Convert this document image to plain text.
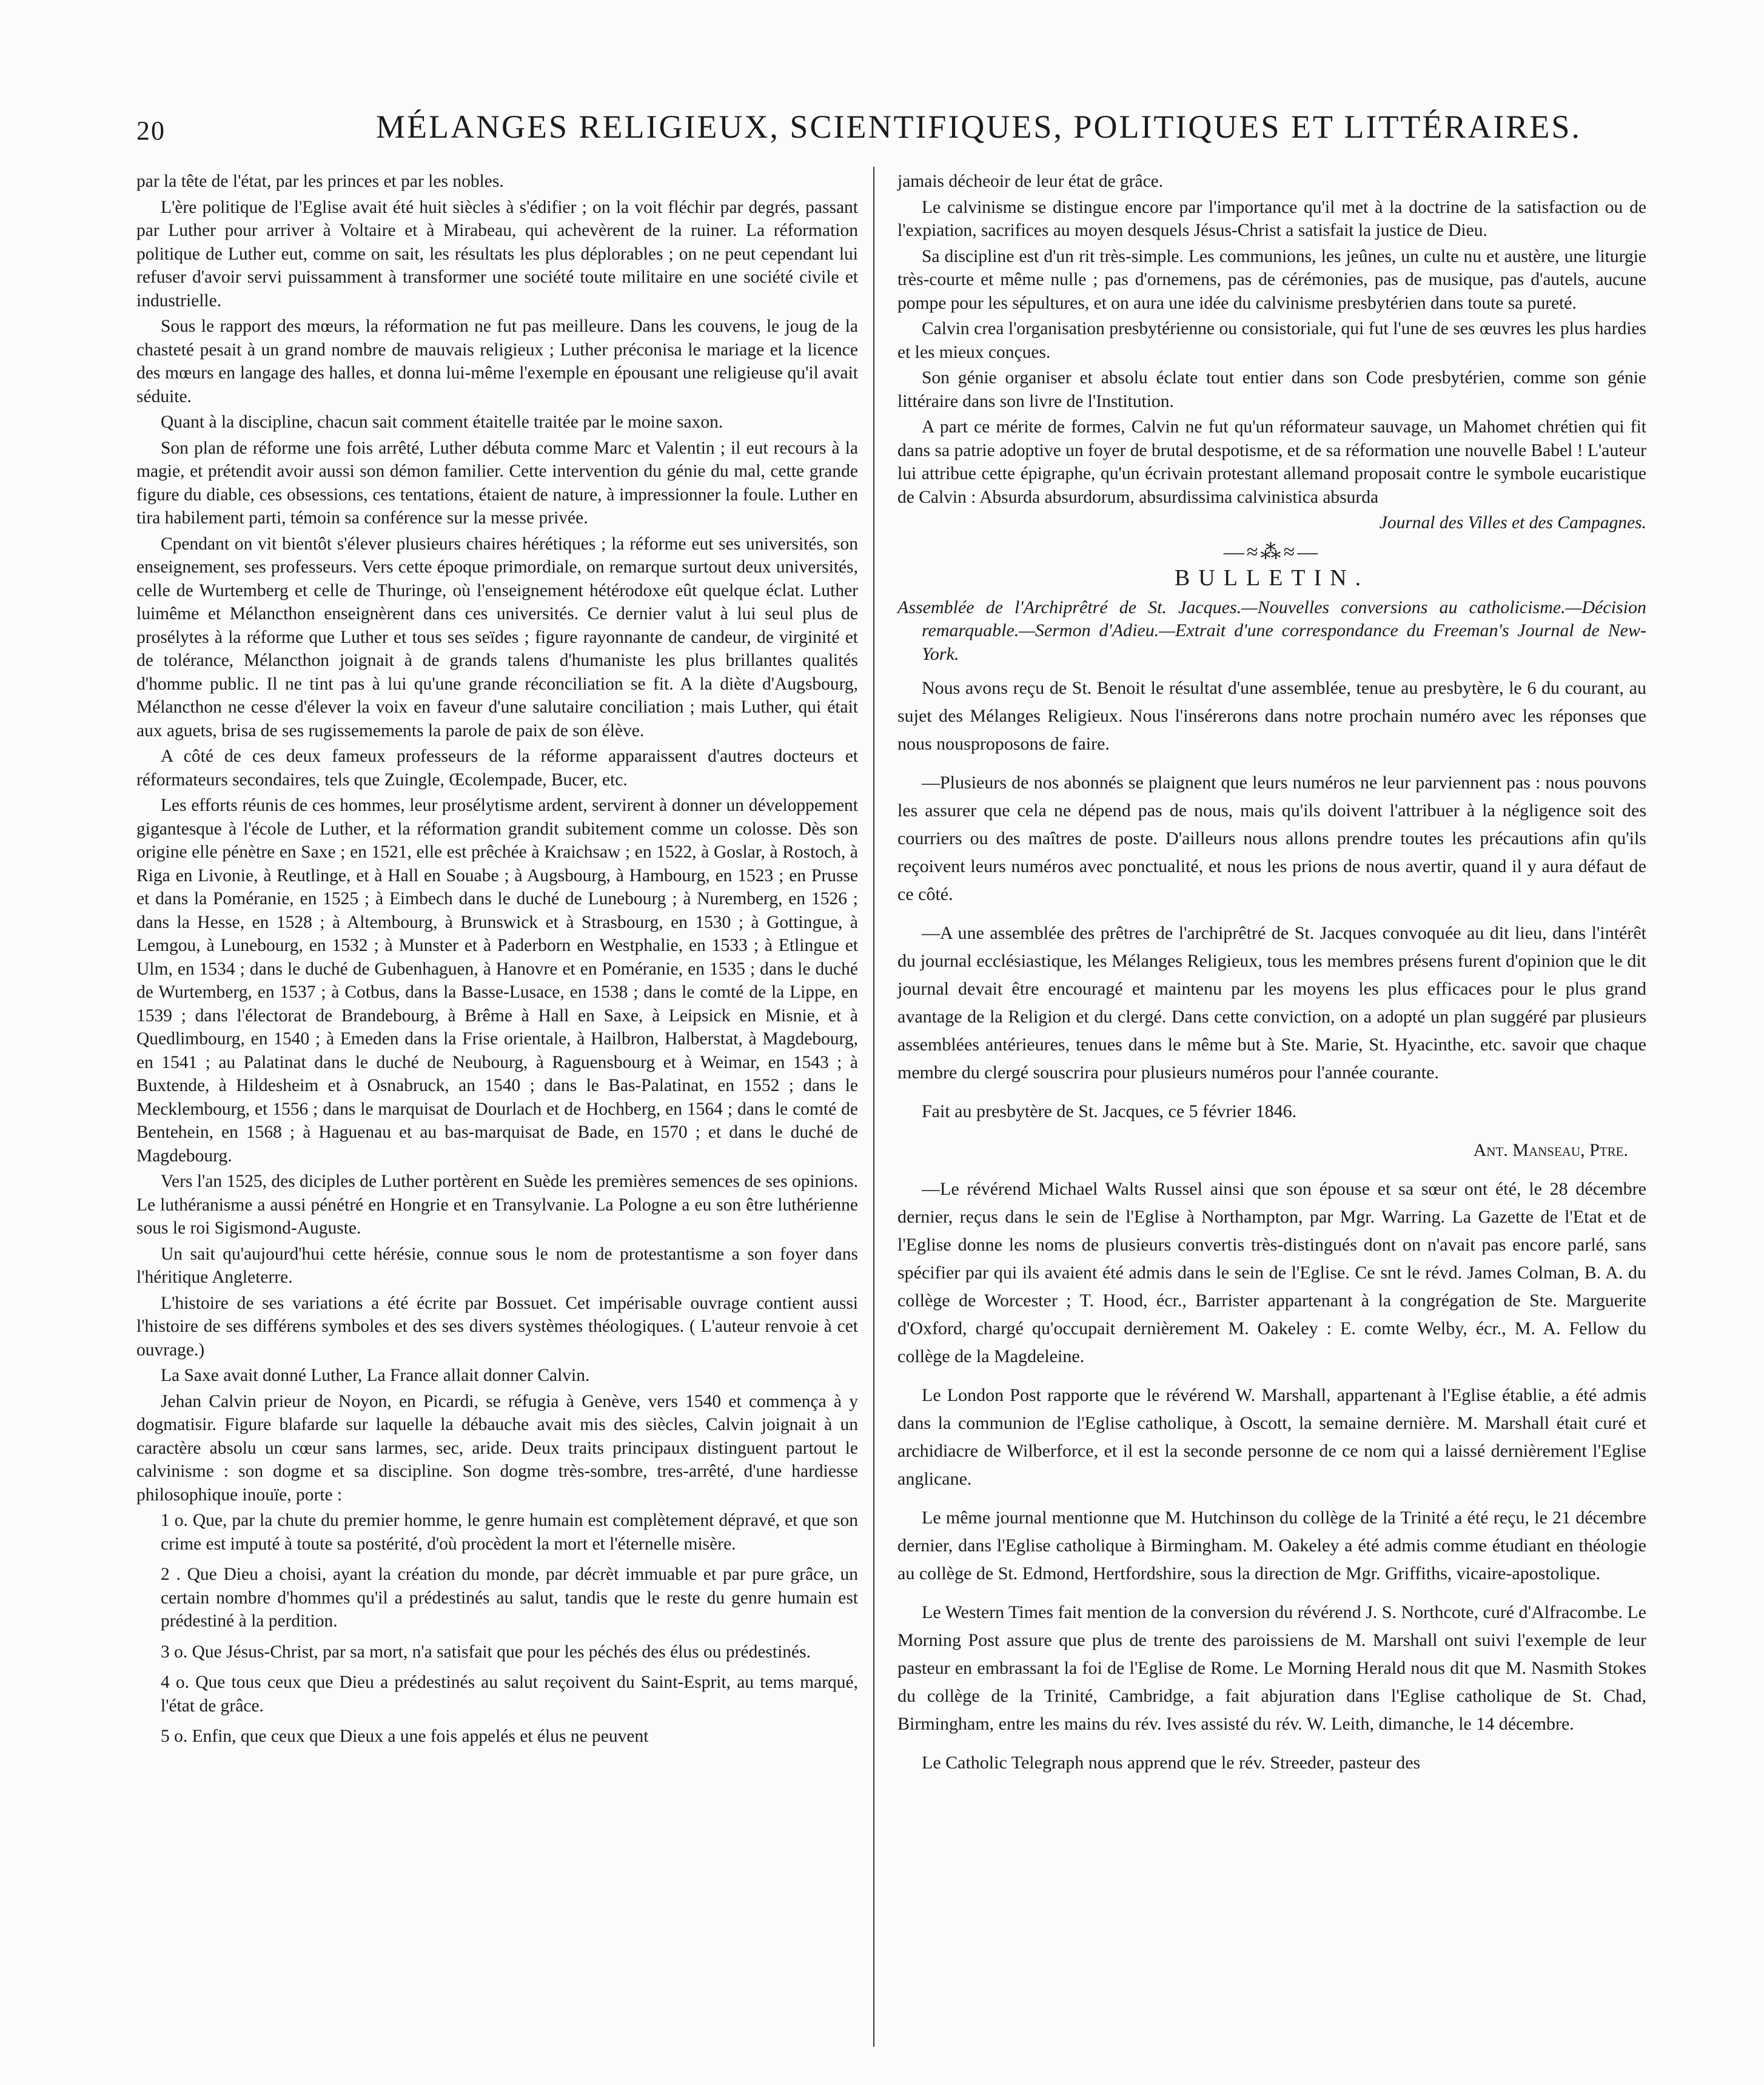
20	MÉLANGES RELIGIEUX, SCIENTIFIQUES, POLITIQUES ET LITTÉRAIRES.

par la tête de l'état, par les princes et par les nobles.

L'ère politique de l'Eglise avait été huit siècles à s'édifier ; on la voit fléchir par degrés, passant par Luther pour arriver à Voltaire et à Mirabeau, qui achevèrent de la ruiner. La réformation politique de Luther eut, comme on sait, les résultats les plus déplorables ; on ne peut cependant lui refuser d'avoir servi puissamment à transformer une société toute militaire en une société civile et industrielle.

Sous le rapport des mœurs, la réformation ne fut pas meilleure. Dans les couvens, le joug de la chasteté pesait à un grand nombre de mauvais religieux ; Luther préconisa le mariage et la licence des mœurs en langage des halles, et donna lui-même l'exemple en épousant une religieuse qu'il avait séduite.

Quant à la discipline, chacun sait comment étaitelle traitée par le moine saxon.

Son plan de réforme une fois arrêté, Luther débuta comme Marc et Valentin ; il eut recours à la magie, et prétendit avoir aussi son démon familier. Cette intervention du génie du mal, cette grande figure du diable, ces obsessions, ces tentations, étaient de nature, à impressionner la foule. Luther en tira habilement parti, témoin sa conférence sur la messe privée.

Cpendant on vit bientôt s'élever plusieurs chaires hérétiques ; la réforme eut ses universités, son enseignement, ses professeurs. Vers cette époque primordiale, on remarque surtout deux universités, celle de Wurtemberg et celle de Thuringe, où l'enseignement hétérodoxe eût quelque éclat. Luther luimême et Mélancthon enseignèrent dans ces universités. Ce dernier valut à lui seul plus de prosélytes à la réforme que Luther et tous ses seïdes ; figure rayonnante de candeur, de virginité et de tolérance, Mélancthon joignait à de grands talens d'humaniste les plus brillantes qualités d'homme public. Il ne tint pas à lui qu'une grande réconciliation se fit. A la diète d'Augsbourg, Mélancthon ne cesse d'élever la voix en faveur d'une salutaire conciliation ; mais Luther, qui était aux aguets, brisa de ses rugissemements la parole de paix de son élève.

A côté de ces deux fameux professeurs de la réforme apparaissent d'autres docteurs et réformateurs secondaires, tels que Zuingle, Œcolempade, Bucer, etc.

Les efforts réunis de ces hommes, leur prosélytisme ardent, servirent à donner un développement gigantesque à l'école de Luther, et la réformation grandit subitement comme un colosse. Dès son origine elle pénètre en Saxe ; en 1521, elle est prêchée à Kraichsaw ; en 1522, à Goslar, à Rostoch, à Riga en Livonie, à Reutlinge, et à Hall en Souabe ; à Augsbourg, à Hambourg, en 1523 ; en Prusse et dans la Poméranie, en 1525 ; à Eimbech dans le duché de Lunebourg ; à Nuremberg, en 1526 ; dans la Hesse, en 1528 ; à Altembourg, à Brunswick et à Strasbourg, en 1530 ; à Gottingue, à Lemgou, à Lunebourg, en 1532 ; à Munster et à Paderborn en Westphalie, en 1533 ; à Etlingue et Ulm, en 1534 ; dans le duché de Gubenhaguen, à Hanovre et en Poméranie, en 1535 ; dans le duché de Wurtemberg, en 1537 ; à Cotbus, dans la Basse-Lusace, en 1538 ; dans le comté de la Lippe, en 1539 ; dans l'électorat de Brandebourg, à Brême à Hall en Saxe, à Leipsick en Misnie, et à Quedlimbourg, en 1540 ; à Emeden dans la Frise orientale, à Hailbron, Halberstat, à Magdebourg, en 1541 ; au Palatinat dans le duché de Neubourg, à Raguensbourg et à Weimar, en 1543 ; à Buxtende, à Hildesheim et à Osnabruck, an 1540 ; dans le Bas-Palatinat, en 1552 ; dans le Mecklembourg, et 1556 ; dans le marquisat de Dourlach et de Hochberg, en 1564 ; dans le comté de Bentehein, en 1568 ; à Haguenau et au bas-marquisat de Bade, en 1570 ; et dans le duché de Magdebourg.

Vers l'an 1525, des diciples de Luther portèrent en Suède les premières semences de ses opinions. Le luthéranisme a aussi pénétré en Hongrie et en Transylvanie. La Pologne a eu son être luthérienne sous le roi Sigismond-Auguste.

Un sait qu'aujourd'hui cette hérésie, connue sous le nom de protestantisme a son foyer dans l'héritique Angleterre.

L'histoire de ses variations a été écrite par Bossuet. Cet impérisable ouvrage contient aussi l'histoire de ses différens symboles et des ses divers systèmes théologiques. ( L'auteur renvoie à cet ouvrage.)

La Saxe avait donné Luther, La France allait donner Calvin.

Jehan Calvin prieur de Noyon, en Picardi, se réfugia à Genève, vers 1540 et commença à y dogmatisir. Figure blafarde sur laquelle la débauche avait mis des siècles, Calvin joignait à un caractère absolu un cœur sans larmes, sec, aride. Deux traits principaux distinguent partout le calvinisme : son dogme et sa discipline. Son dogme très-sombre, tres-arrêté, d'une hardiesse philosophique inouïe, porte :

1 o. Que, par la chute du premier homme, le genre humain est complètement dépravé, et que son crime est imputé à toute sa postérité, d'où procèdent la mort et l'éternelle misère.

2 . Que Dieu a choisi, ayant la création du monde, par décrèt immuable et par pure grâce, un certain nombre d'hommes qu'il a prédestinés au salut, tandis que le reste du genre humain est prédestiné à la perdition.

3 o. Que Jésus-Christ, par sa mort, n'a satisfait que pour les péchés des élus ou prédestinés.

4 o. Que tous ceux que Dieu a prédestinés au salut reçoivent du Saint-Esprit, au tems marqué, l'état de grâce.

5 o. Enfin, que ceux que Dieux a une fois appelés et élus ne peuvent

jamais décheoir de leur état de grâce.

Le calvinisme se distingue encore par l'importance qu'il met à la doctrine de la satisfaction ou de l'expiation, sacrifices au moyen desquels Jésus-Christ a satisfait la justice de Dieu.

Sa discipline est d'un rit très-simple. Les communions, les jeûnes, un culte nu et austère, une liturgie très-courte et même nulle ; pas d'ornemens, pas de cérémonies, pas de musique, pas d'autels, aucune pompe pour les sépultures, et on aura une idée du calvinisme presbytérien dans toute sa pureté.

Calvin crea l'organisation presbytérienne ou consistoriale, qui fut l'une de ses œuvres les plus hardies et les mieux conçues.

Son génie organiser et absolu éclate tout entier dans son Code presbytérien, comme son génie littéraire dans son livre de l'Institution.

A part ce mérite de formes, Calvin ne fut qu'un réformateur sauvage, un Mahomet chrétien qui fit dans sa patrie adoptive un foyer de brutal despotisme, et de sa réformation une nouvelle Babel ! L'auteur lui attribue cette épigraphe, qu'un écrivain protestant allemand proposait contre le symbole eucaristique de Calvin : Absurda absurdorum, absurdissima calvinistica absurda

Journal des Villes et des Campagnes.
—≈⁂≈—
BULLETIN.

Assemblée de l'Archiprêtré de St. Jacques.—Nouvelles conversions au catholicisme.—Décision remarquable.—Sermon d'Adieu.—Extrait d'une correspondance du Freeman's Journal de New-York.

Nous avons reçu de St. Benoit le résultat d'une assemblée, tenue au presbytère, le 6 du courant, au sujet des Mélanges Religieux. Nous l'insérerons dans notre prochain numéro avec les réponses que nous nousproposons de faire.

—Plusieurs de nos abonnés se plaignent que leurs numéros ne leur parviennent pas : nous pouvons les assurer que cela ne dépend pas de nous, mais qu'ils doivent l'attribuer à la négligence soit des courriers ou des maîtres de poste. D'ailleurs nous allons prendre toutes les précautions afin qu'ils reçoivent leurs numéros avec ponctualité, et nous les prions de nous avertir, quand il y aura défaut de ce côté.

—A une assemblée des prêtres de l'archiprêtré de St. Jacques convoquée au dit lieu, dans l'intérêt du journal ecclésiastique, les Mélanges Religieux, tous les membres présens furent d'opinion que le dit journal devait être encouragé et maintenu par les moyens les plus efficaces pour le plus grand avantage de la Religion et du clergé. Dans cette conviction, on a adopté un plan suggéré par plusieurs assemblées antérieures, tenues dans le même but à Ste. Marie, St. Hyacinthe, etc. savoir que chaque membre du clergé souscrira pour plusieurs numéros pour l'année courante.

Fait au presbytère de St. Jacques, ce 5 février 1846.

Ant. Manseau, Ptre.

—Le révérend Michael Walts Russel ainsi que son épouse et sa sœur ont été, le 28 décembre dernier, reçus dans le sein de l'Eglise à Northampton, par Mgr. Warring. La Gazette de l'Etat et de l'Eglise donne les noms de plusieurs convertis très-distingués dont on n'avait pas encore parlé, sans spécifier par qui ils avaient été admis dans le sein de l'Eglise. Ce snt le révd. James Colman, B. A. du collège de Worcester ; T. Hood, écr., Barrister appartenant à la congrégation de Ste. Marguerite d'Oxford, chargé qu'occupait dernièrement M. Oakeley : E. comte Welby, écr., M. A. Fellow du collège de la Magdeleine.

Le London Post rapporte que le révérend W. Marshall, appartenant à l'Eglise établie, a été admis dans la communion de l'Eglise catholique, à Oscott, la semaine dernière. M. Marshall était curé et archidiacre de Wilberforce, et il est la seconde personne de ce nom qui a laissé dernièrement l'Eglise anglicane.

Le même journal mentionne que M. Hutchinson du collège de la Trinité a été reçu, le 21 décembre dernier, dans l'Eglise catholique à Birmingham. M. Oakeley a été admis comme étudiant en théologie au collège de St. Edmond, Hertfordshire, sous la direction de Mgr. Griffiths, vicaire-apostolique.

Le Western Times fait mention de la conversion du révérend J. S. Northcote, curé d'Alfracombe. Le Morning Post assure que plus de trente des paroissiens de M. Marshall ont suivi l'exemple de leur pasteur en embrassant la foi de l'Eglise de Rome. Le Morning Herald nous dit que M. Nasmith Stokes du collège de la Trinité, Cambridge, a fait abjuration dans l'Eglise catholique de St. Chad, Birmingham, entre les mains du rév. Ives assisté du rév. W. Leith, dimanche, le 14 décembre.

Le Catholic Telegraph nous apprend que le rév. Streeder, pasteur des
